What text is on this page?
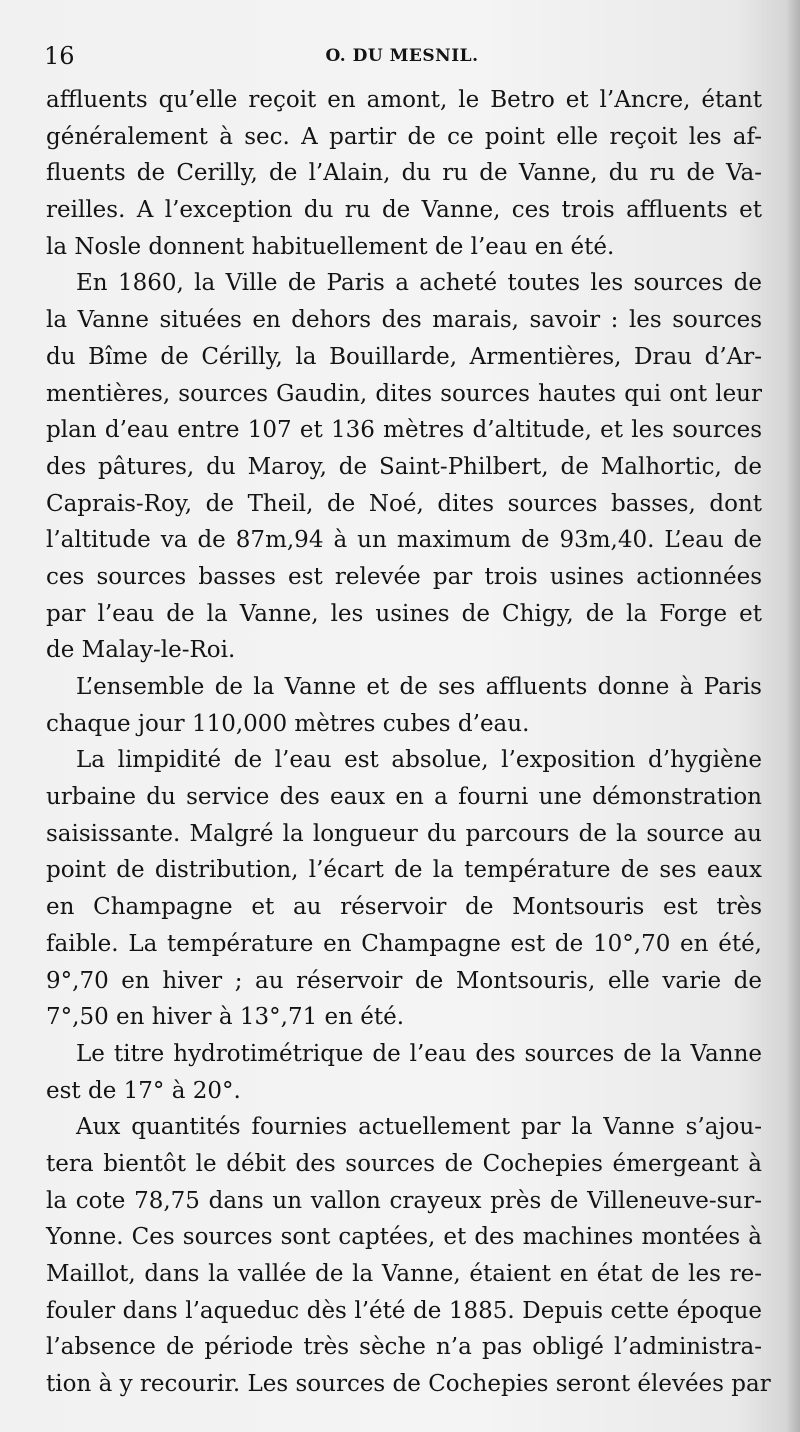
16	O. DU MESNIL.
affluents qu’elle reçoit en amont, le Betro et l’Ancre, étant
généralement à sec. A partir de ce point elle reçoit les af-
fluents de Cerilly, de l’Alain, du ru de Vanne, du ru de Va-
reilles. A l’exception du ru de Vanne, ces trois affluents et
la Nosle donnent habituellement de l’eau en été.
En 1860, la Ville de Paris a acheté toutes les sources de
la Vanne situées en dehors des marais, savoir : les sources
du Bîme de Cérilly, la Bouillarde, Armentières, Drau d’Ar-
mentières, sources Gaudin, dites sources hautes qui ont leur
plan d’eau entre 107 et 136 mètres d’altitude, et les sources
des pâtures, du Maroy, de Saint-Philbert, de Malhortic, de
Caprais-Roy, de Theil, de Noé, dites sources basses, dont
l’altitude va de 87m,94 à un maximum de 93m,40. L’eau de
ces sources basses est relevée par trois usines actionnées
par l’eau de la Vanne, les usines de Chigy, de la Forge et
de Malay-le-Roi.
L’ensemble de la Vanne et de ses affluents donne à Paris
chaque jour 110,000 mètres cubes d’eau.
La limpidité de l’eau est absolue, l’exposition d’hygiène
urbaine du service des eaux en a fourni une démonstration
saisissante. Malgré la longueur du parcours de la source au
point de distribution, l’écart de la température de ses eaux
en Champagne et au réservoir de Montsouris est très
faible. La température en Champagne est de 10°,70 en été,
9°,70 en hiver ; au réservoir de Montsouris, elle varie de
7°,50 en hiver à 13°,71 en été.
Le titre hydrotimétrique de l’eau des sources de la Vanne
est de 17° à 20°.
Aux quantités fournies actuellement par la Vanne s’ajou-
tera bientôt le débit des sources de Cochepies émergeant à
la cote 78,75 dans un vallon crayeux près de Villeneuve-sur-
Yonne. Ces sources sont captées, et des machines montées à
Maillot, dans la vallée de la Vanne, étaient en état de les re-
fouler dans l’aqueduc dès l’été de 1885. Depuis cette époque
l’absence de période très sèche n’a pas obligé l’administra-
tion à y recourir. Les sources de Cochepies seront élevées par
